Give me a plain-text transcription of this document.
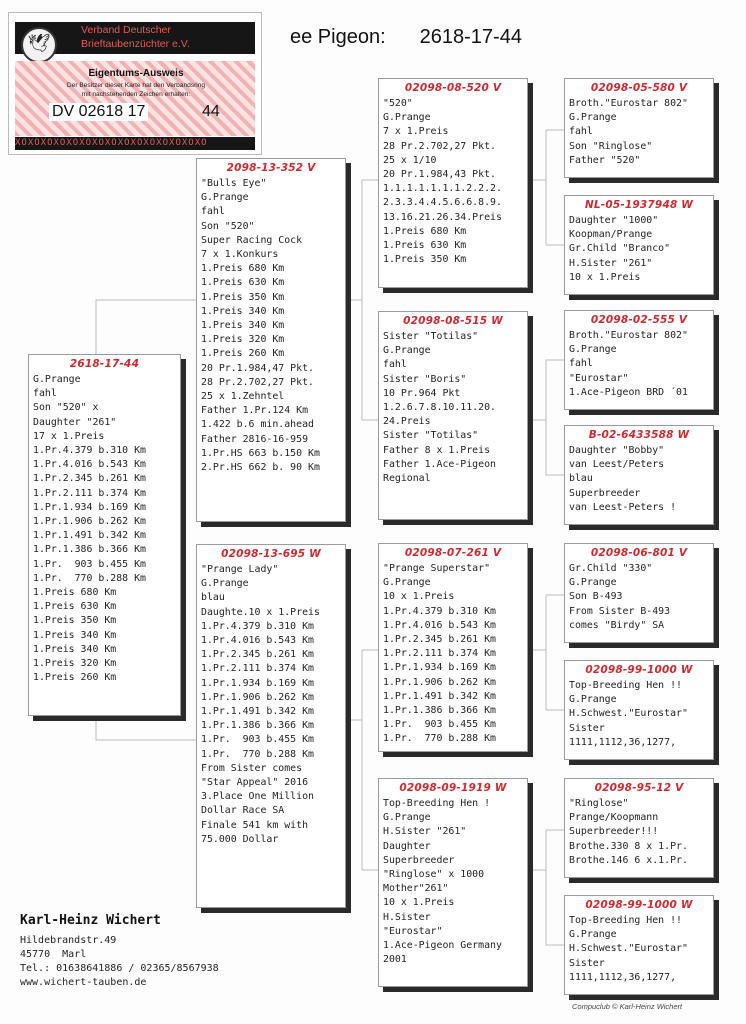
ee Pigeon: 2618-17-44
🕊
Verband Deutscher
Brieftaubenzüchter e.V.
Eigentums-Ausweis
Der Besitzer dieser Karte hat den Verbandsring
mit nachstehenden Zeichen erhalten:
DV 02618 17	44
XOXOXOXOXOXOXOXOXOXOXOXOXOXOXO
2618-17-44
G.Prange
fahl
Son "520" x
Daughter "261"
17 x 1.Preis
1.Pr.4.379 b.310 Km
1.Pr.4.016 b.543 Km
1.Pr.2.345 b.261 Km
1.Pr.2.111 b.374 Km
1.Pr.1.934 b.169 Km
1.Pr.1.906 b.262 Km
1.Pr.1.491 b.342 Km
1.Pr.1.386 b.366 Km
1.Pr.  903 b.455 Km
1.Pr.  770 b.288 Km
1.Preis 680 Km
1.Preis 630 Km
1.Preis 350 Km
1.Preis 340 Km
1.Preis 340 Km
1.Preis 320 Km
1.Preis 260 Km
2098-13-352 V
"Bulls Eye"
G.Prange
fahl
Son "520"
Super Racing Cock
7 x 1.Konkurs
1.Preis 680 Km
1.Preis 630 Km
1.Preis 350 Km
1.Preis 340 Km
1.Preis 340 Km
1.Preis 320 Km
1.Preis 260 Km
20 Pr.1.984,47 Pkt.
28 Pr.2.702,27 Pkt.
25 x 1.Zehntel
Father 1.Pr.124 Km
1.422 b.6 min.ahead
Father 2816-16-959
1.Pr.HS 663 b.150 Km
2.Pr.HS 662 b. 90 Km
02098-13-695 W
"Prange Lady"
G.Prange
blau
Daughte.10 x 1.Preis
1.Pr.4.379 b.310 Km
1.Pr.4.016 b.543 Km
1.Pr.2.345 b.261 Km
1.Pr.2.111 b.374 Km
1.Pr.1.934 b.169 Km
1.Pr.1.906 b.262 Km
1.Pr.1.491 b.342 Km
1.Pr.1.386 b.366 Km
1.Pr.  903 b.455 Km
1.Pr.  770 b.288 Km
From Sister comes
"Star Appeal" 2016
3.Place One Million
Dollar Race SA
Finale 541 km with
75.000 Dollar
02098-08-520 V
"520"
G.Prange
7 x 1.Preis
28 Pr.2.702,27 Pkt.
25 x 1/10
20 Pr.1.984,43 Pkt.
1.1.1.1.1.1.1.2.2.2.
2.3.3.4.4.5.6.6.8.9.
13.16.21.26.34.Preis
1.Preis 680 Km
1.Preis 630 Km
1.Preis 350 Km
02098-08-515 W
Sister "Totilas"
G.Prange
fahl
Sister "Boris"
10 Pr.964 Pkt
1.2.6.7.8.10.11.20.
24.Preis
Sister "Totilas"
Father 8 x 1.Preis
Father 1.Ace-Pigeon
Regional
02098-07-261 V
"Prange Superstar"
G.Prange
10 x 1.Preis
1.Pr.4.379 b.310 Km
1.Pr.4.016 b.543 Km
1.Pr.2.345 b.261 Km
1.Pr.2.111 b.374 Km
1.Pr.1.934 b.169 Km
1.Pr.1.906 b.262 Km
1.Pr.1.491 b.342 Km
1.Pr.1.386 b.366 Km
1.Pr.  903 b.455 Km
1.Pr.  770 b.288 Km
02098-09-1919 W
Top-Breeding Hen !
G.Prange
H.Sister "261"
Daughter
Superbreeder
"Ringlose" x 1000
Mother"261"
10 x 1.Preis
H.Sister
"Eurostar"
1.Ace-Pigeon Germany
2001
02098-05-580 V
Broth."Eurostar 802"
G.Prange
fahl
Son "Ringlose"
Father "520"
NL-05-1937948 W
Daughter "1000"
Koopman/Prange
Gr.Child "Branco"
H.Sister "261"
10 x 1.Preis
02098-02-555 V
Broth."Eurostar 802"
G.Prange
fahl
"Eurostar"
1.Ace-Pigeon BRD ´01
B-02-6433588 W
Daughter "Bobby"
van Leest/Peters
blau
Superbreeder
van Leest-Peters !
02098-06-801 V
Gr.Child "330"
G.Prange
Son B-493
From Sister B-493
comes "Birdy" SA
02098-99-1000 W
Top-Breeding Hen !!
G.Prange
H.Schwest."Eurostar"
Sister
1111,1112,36,1277,
02098-95-12 V
"Ringlose"
Prange/Koopmann
Superbreeder!!!
Brothe.330 8 x 1.Pr.
Brothe.146 6 x.1.Pr.
02098-99-1000 W
Top-Breeding Hen !!
G.Prange
H.Schwest."Eurostar"
Sister
1111,1112,36,1277,
Karl-Heinz Wichert
Hildebrandstr.49
45770  Marl
Tel.: 01638641886 / 02365/8567938
www.wichert-tauben.de
Compuclub © Karl-Heinz Wichert
